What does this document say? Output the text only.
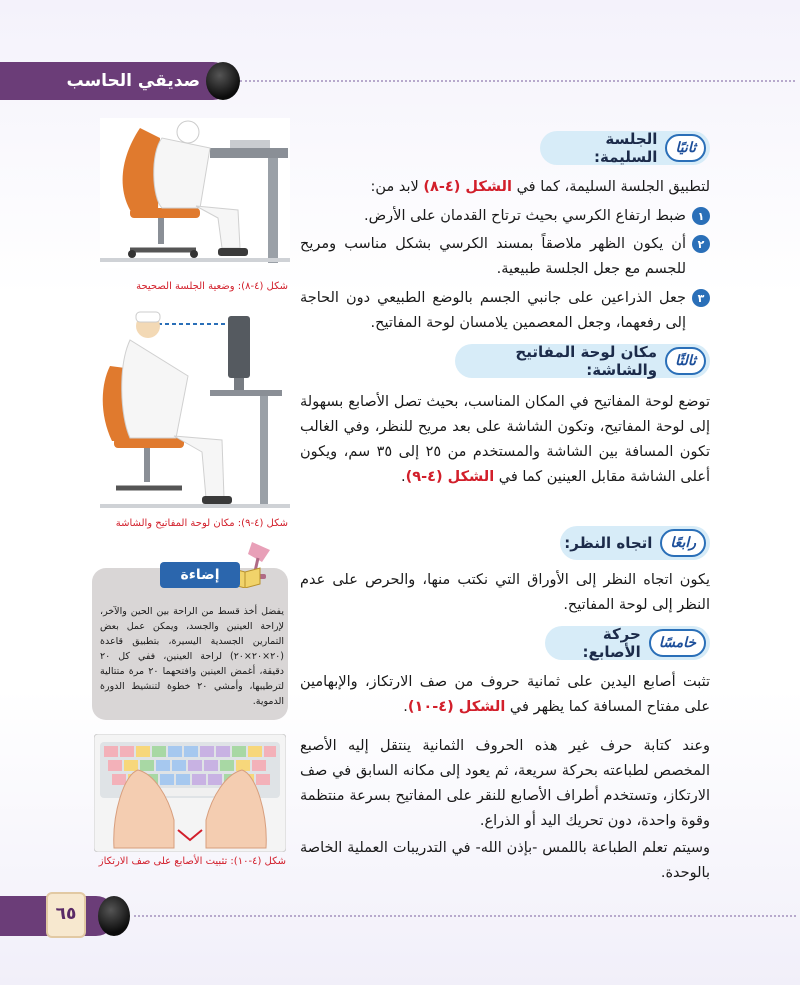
صديقي الحاسب
ثانيًا
الجلسة السليمة:
لتطبيق الجلسة السليمة، كما في الشكل (٤-٨) لابد من:
١
ضبط ارتفاع الكرسي بحيث ترتاح القدمان على الأرض.
٢
أن يكون الظهر ملاصقاً بمسند الكرسي بشكل مناسب ومريح للجسم مع جعل الجلسة طبيعية.
٣
جعل الذراعين على جانبي الجسم بالوضع الطبيعي دون الحاجة إلى رفعهما، وجعل المعصمين يلامسان لوحة المفاتيح.
ثالثًا
مكان لوحة المفاتيح والشاشة:
توضع لوحة المفاتيح في المكان المناسب، بحيث تصل الأصابع بسهولة إلى لوحة المفاتيح، وتكون الشاشة على بعد مريح للنظر، وفي الغالب تكون المسافة بين الشاشة والمستخدم من ٢٥ إلى ٣٥ سم، ويكون أعلى الشاشة مقابل العينين كما في الشكل (٤-٩).
رابعًا
اتجاه النظر:
يكون اتجاه النظر إلى الأوراق التي نكتب منها، والحرص على عدم النظر إلى لوحة المفاتيح.
خامسًا
حركة الأصابع:
تثبت أصابع اليدين على ثمانية حروف من صف الارتكاز، والإبهامين على مفتاح المسافة كما يظهر في الشكل (٤-١٠).
وعند كتابة حرف غير هذه الحروف الثمانية ينتقل إليه الأصبع المخصص لطباعته بحركة سريعة، ثم يعود إلى مكانه السابق في صف الارتكاز، وتستخدم أطراف الأصابع للنقر على المفاتيح بسرعة منتظمة وقوة واحدة، دون تحريك اليد أو الذراع.
وسيتم تعلم الطباعة باللمس -بإذن الله- في التدريبات العملية الخاصة بالوحدة.
شكل (٤-٨): وضعية الجلسة الصحيحة
شكل (٤-٩): مكان لوحة المفاتيح والشاشة
إضاءة
يفضل أخذ قسط من الراحة بين الحين والآخر، لإراحة العينين والجسد، ويمكن عمل بعض التمارين الجسدية اليسيرة، بتطبيق قاعدة (٢٠×٢٠×٢٠) لراحة العينين، ففي كل ٢٠ دقيقة، أغمض العينين وافتحهما ٢٠ مرة متتالية لترطيبها، وأمشي ٢٠ خطوة لتنشيط الدورة الدموية.
شكل (٤-١٠): تثبيت الأصابع على صف الارتكاز
٦٥
